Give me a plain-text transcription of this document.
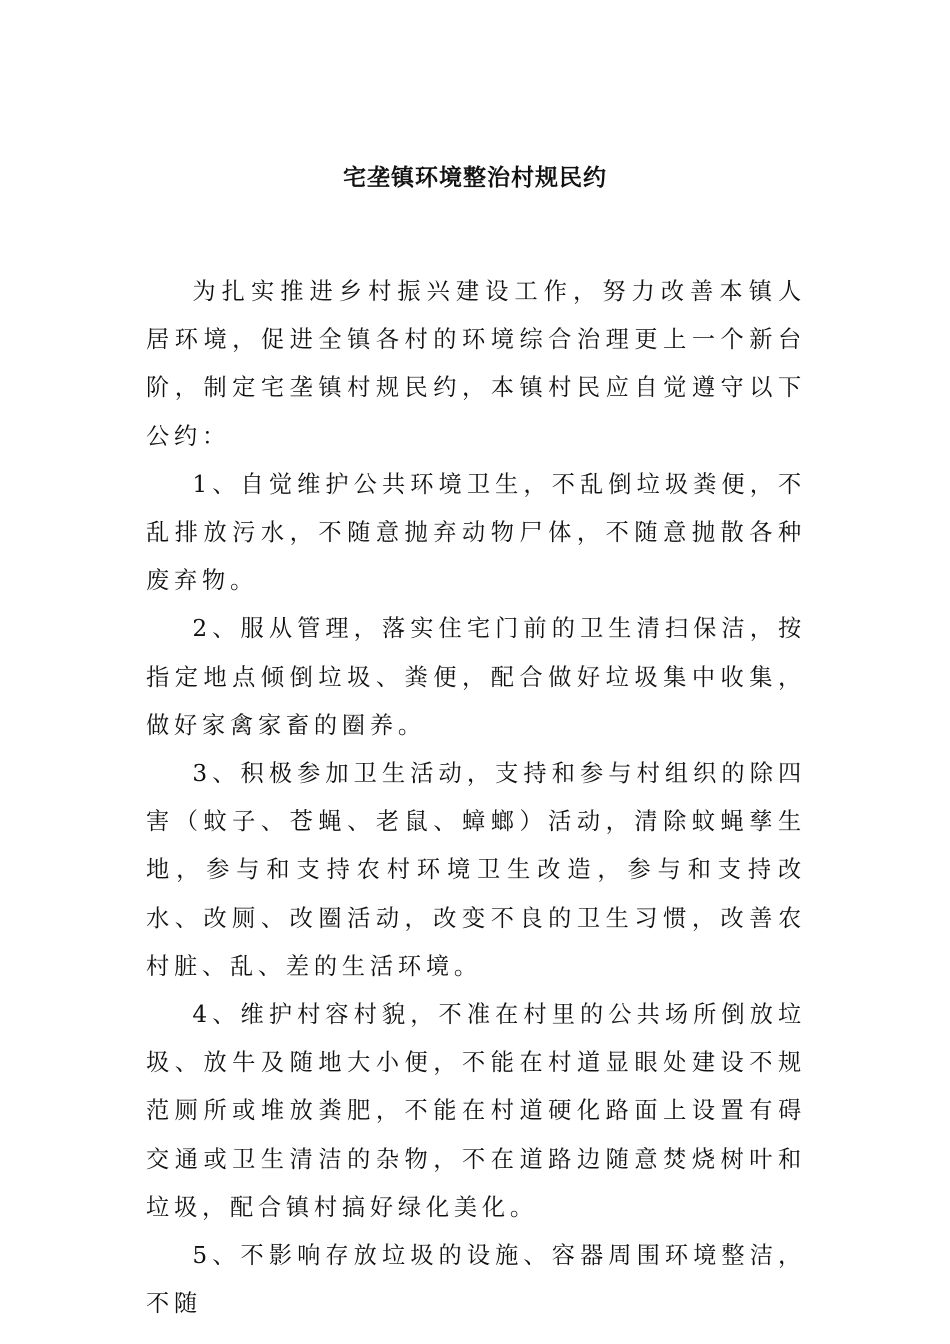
宅垄镇环境整治村规民约

为扎实推进乡村振兴建设工作，努力改善本镇人居环境，促进全镇各村的环境综合治理更上一个新台阶，制定宅垄镇村规民约，本镇村民应自觉遵守以下公约：

1、自觉维护公共环境卫生，不乱倒垃圾粪便，不乱排放污水，不随意抛弃动物尸体，不随意抛散各种废弃物。

2、服从管理，落实住宅门前的卫生清扫保洁，按指定地点倾倒垃圾、粪便，配合做好垃圾集中收集，做好家禽家畜的圈养。

3、积极参加卫生活动，支持和参与村组织的除四害（蚊子、苍蝇、老鼠、蟑螂）活动，清除蚊蝇孳生地，参与和支持农村环境卫生改造，参与和支持改水、改厕、改圈活动，改变不良的卫生习惯，改善农村脏、乱、差的生活环境。

4、维护村容村貌，不准在村里的公共场所倒放垃圾、放牛及随地大小便，不能在村道显眼处建设不规范厕所或堆放粪肥，不能在村道硬化路面上设置有碍交通或卫生清洁的杂物，不在道路边随意焚烧树叶和垃圾，配合镇村搞好绿化美化。

5、不影响存放垃圾的设施、容器周围环境整洁，不随
